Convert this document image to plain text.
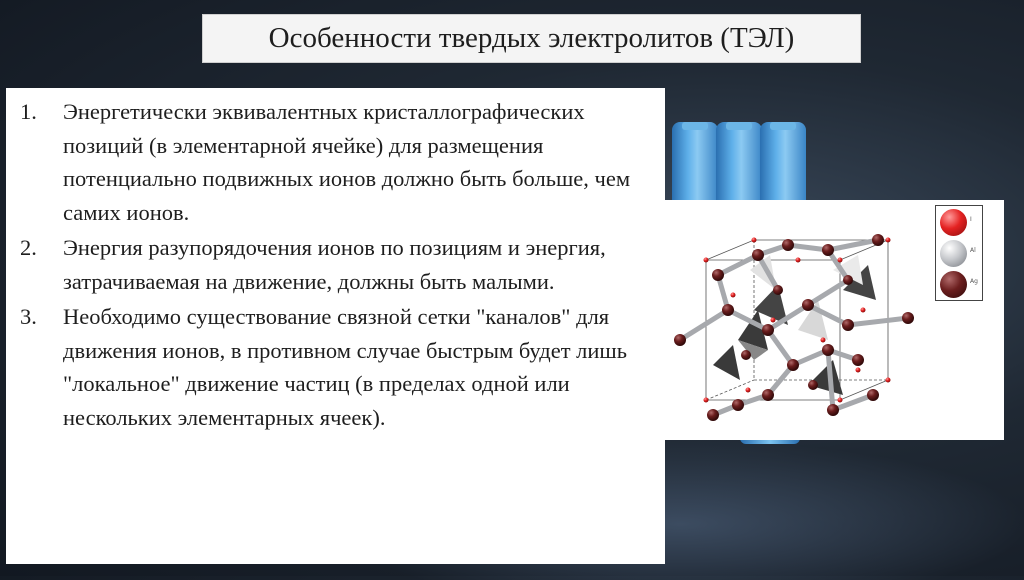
Особенности твердых электролитов (ТЭЛ)
1. Энергетически эквивалентных кристаллографических позиций (в элементарной ячейке) для размещения потенциально подвижных ионов должно быть больше, чем самих ионов.
2. Энергия разупорядочения ионов по позициям и энергия, затрачиваемая на движение, должны быть малыми.
3. Необходимо существование связной сетки "каналов" для движения ионов, в противном случае быстрым будет лишь "локальное" движение частиц (в пределах одной или нескольких элементарных ячеек).
I
Al
Ag
